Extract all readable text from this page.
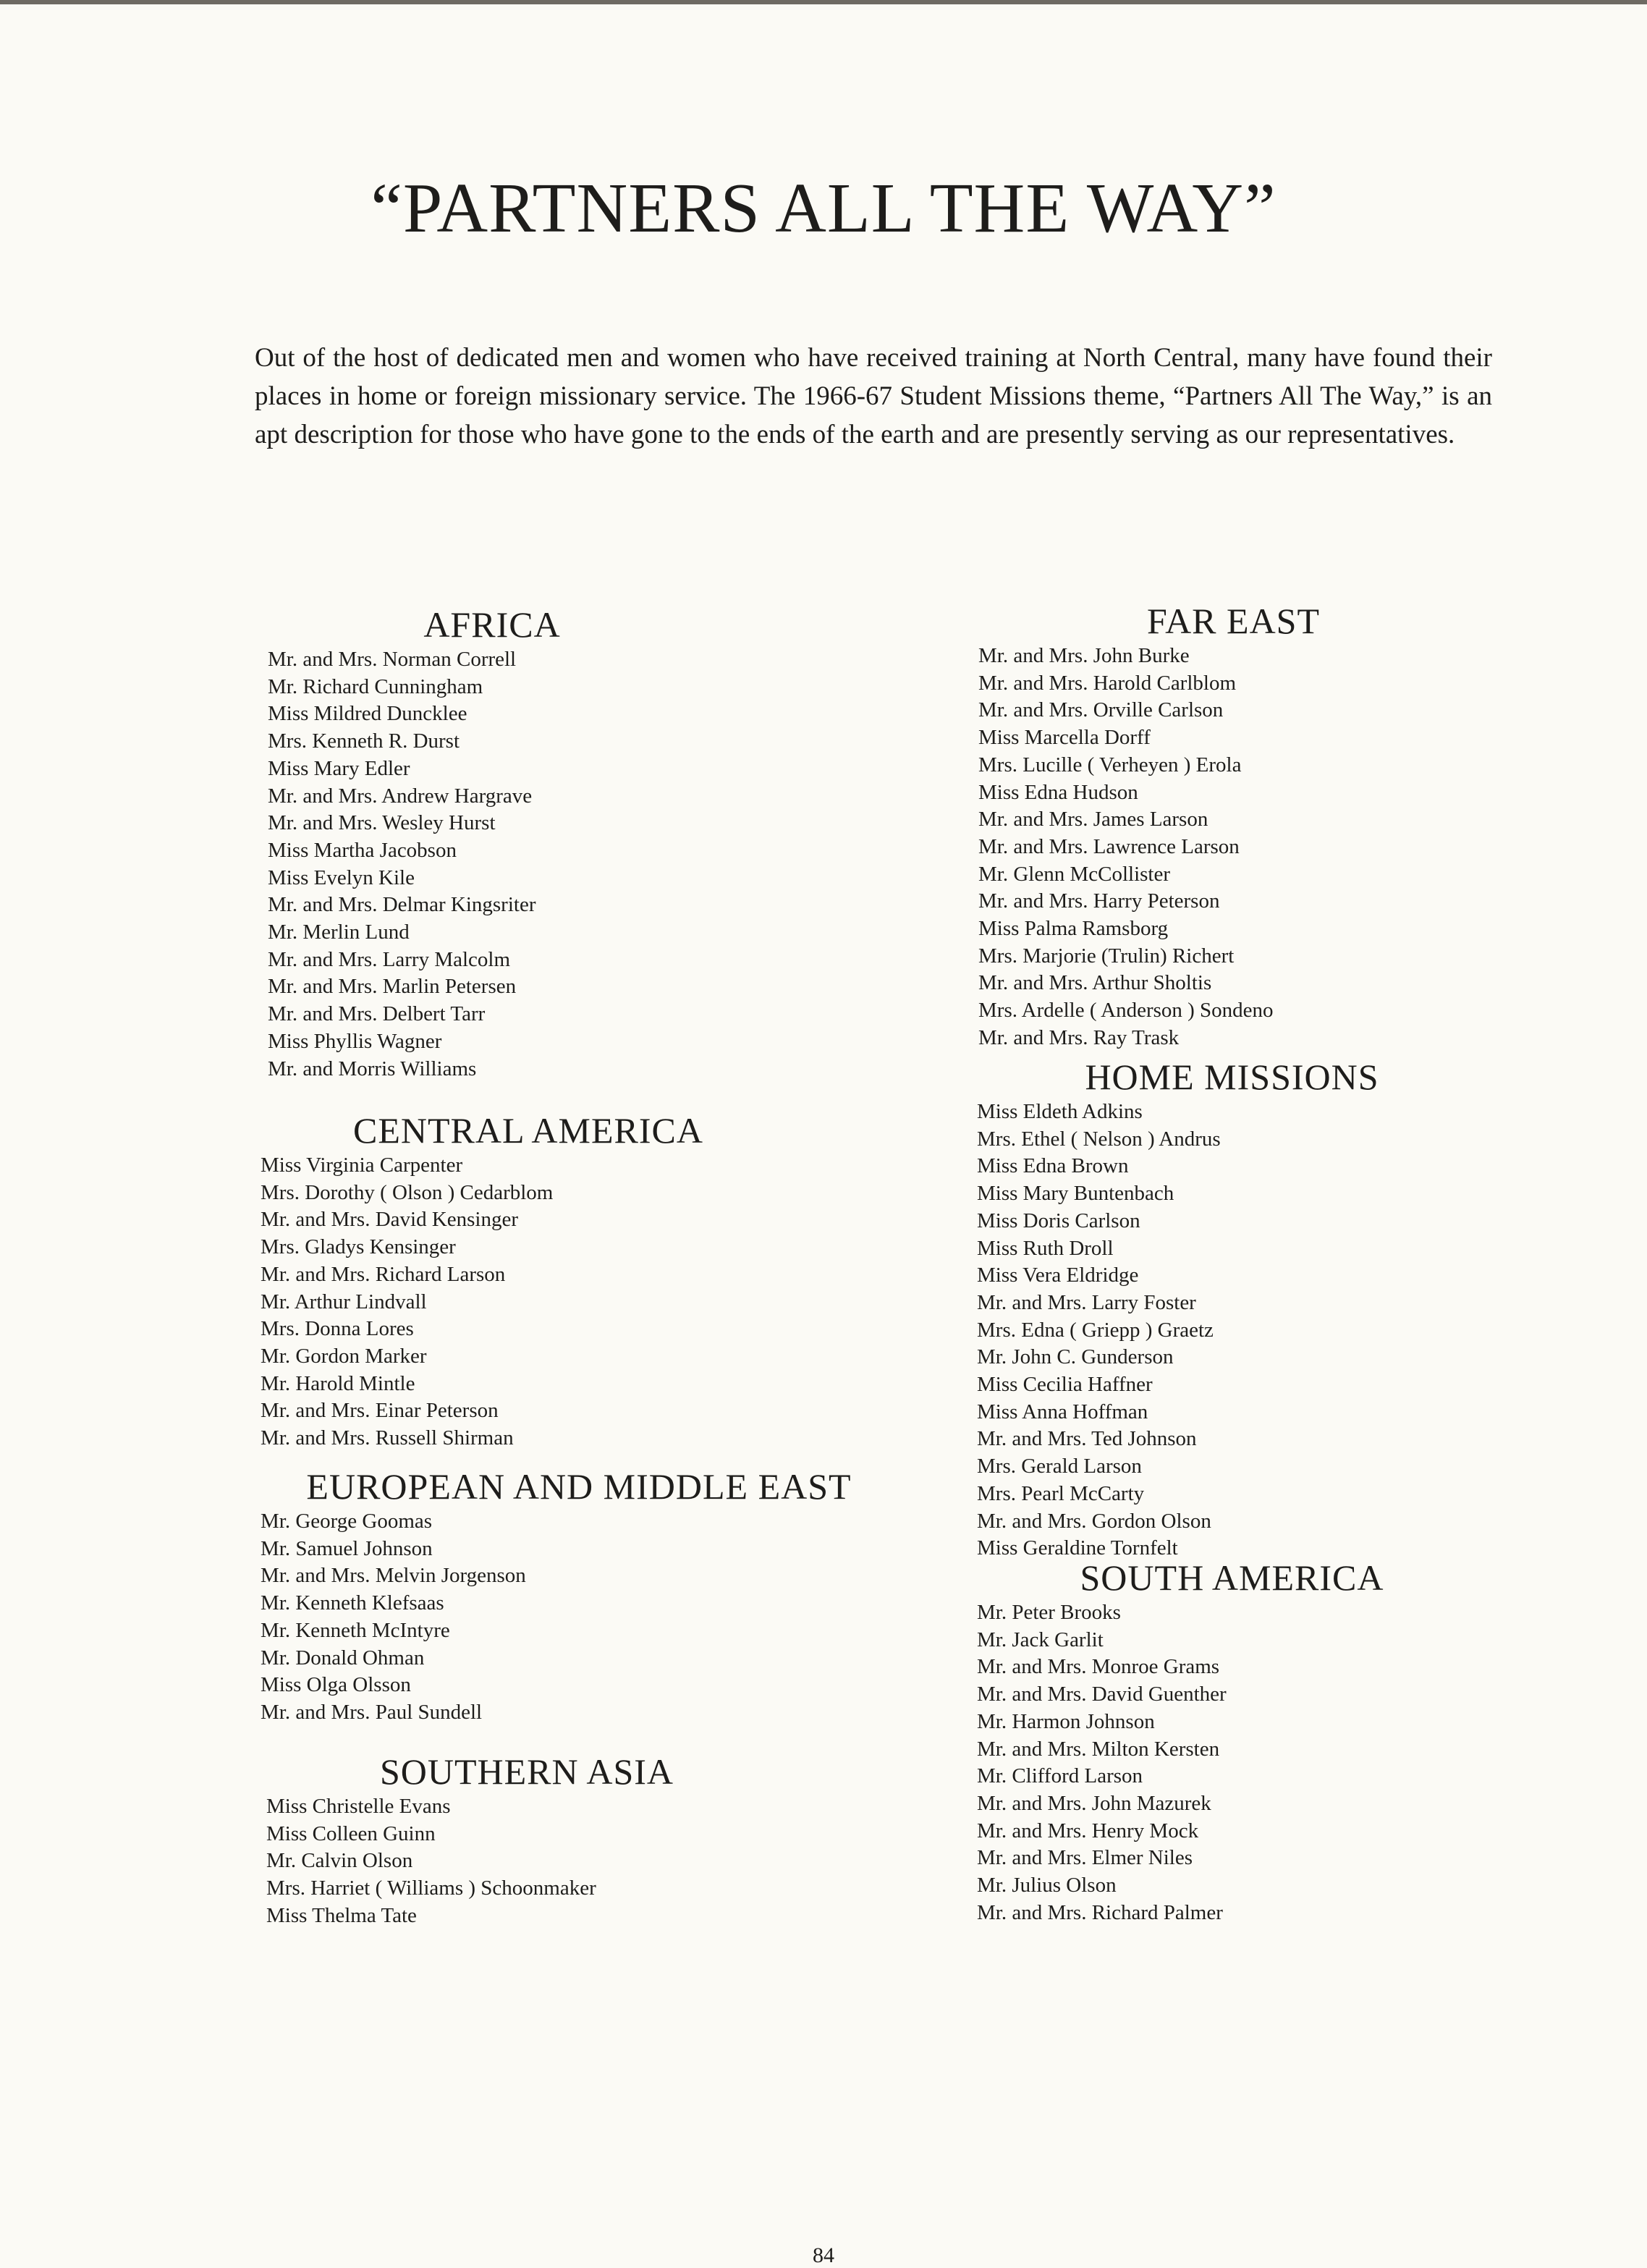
“PARTNERS ALL THE WAY”

Out of the host of dedicated men and women who have received training at North Central, many have found their places in home or foreign missionary service. The 1966-67 Student Missions theme, “Partners All The Way,” is an apt description for those who have gone to the ends of the earth and are presently serving as our representatives.

AFRICA
Mr. and Mrs. Norman Correll
Mr. Richard Cunningham
Miss Mildred Duncklee
Mrs. Kenneth R. Durst
Miss Mary Edler
Mr. and Mrs. Andrew Hargrave
Mr. and Mrs. Wesley Hurst
Miss Martha Jacobson
Miss Evelyn Kile
Mr. and Mrs. Delmar Kingsriter
Mr. Merlin Lund
Mr. and Mrs. Larry Malcolm
Mr. and Mrs. Marlin Petersen
Mr. and Mrs. Delbert Tarr
Miss Phyllis Wagner
Mr. and Morris Williams
CENTRAL AMERICA
Miss Virginia Carpenter
Mrs. Dorothy ( Olson ) Cedarblom
Mr. and Mrs. David Kensinger
Mrs. Gladys Kensinger
Mr. and Mrs. Richard Larson
Mr. Arthur Lindvall
Mrs. Donna Lores
Mr. Gordon Marker
Mr. Harold Mintle
Mr. and Mrs. Einar Peterson
Mr. and Mrs. Russell Shirman
EUROPEAN AND MIDDLE EAST
Mr. George Goomas
Mr. Samuel Johnson
Mr. and Mrs. Melvin Jorgenson
Mr. Kenneth Klefsaas
Mr. Kenneth McIntyre
Mr. Donald Ohman
Miss Olga Olsson
Mr. and Mrs. Paul Sundell
SOUTHERN ASIA
Miss Christelle Evans
Miss Colleen Guinn
Mr. Calvin Olson
Mrs. Harriet ( Williams ) Schoonmaker
Miss Thelma Tate
FAR EAST
Mr. and Mrs. John Burke
Mr. and Mrs. Harold Carlblom
Mr. and Mrs. Orville Carlson
Miss Marcella Dorff
Mrs. Lucille ( Verheyen ) Erola
Miss Edna Hudson
Mr. and Mrs. James Larson
Mr. and Mrs. Lawrence Larson
Mr. Glenn McCollister
Mr. and Mrs. Harry Peterson
Miss Palma Ramsborg
Mrs. Marjorie (Trulin) Richert
Mr. and Mrs. Arthur Sholtis
Mrs. Ardelle ( Anderson ) Sondeno
Mr. and Mrs. Ray Trask
HOME MISSIONS
Miss Eldeth Adkins
Mrs. Ethel ( Nelson ) Andrus
Miss Edna Brown
Miss Mary Buntenbach
Miss Doris Carlson
Miss Ruth Droll
Miss Vera Eldridge
Mr. and Mrs. Larry Foster
Mrs. Edna ( Griepp ) Graetz
Mr. John C. Gunderson
Miss Cecilia Haffner
Miss Anna Hoffman
Mr. and Mrs. Ted Johnson
Mrs. Gerald Larson
Mrs. Pearl McCarty
Mr. and Mrs. Gordon Olson
Miss Geraldine Tornfelt
SOUTH AMERICA
Mr. Peter Brooks
Mr. Jack Garlit
Mr. and Mrs. Monroe Grams
Mr. and Mrs. David Guenther
Mr. Harmon Johnson
Mr. and Mrs. Milton Kersten
Mr. Clifford Larson
Mr. and Mrs. John Mazurek
Mr. and Mrs. Henry Mock
Mr. and Mrs. Elmer Niles
Mr. Julius Olson
Mr. and Mrs. Richard Palmer
84
